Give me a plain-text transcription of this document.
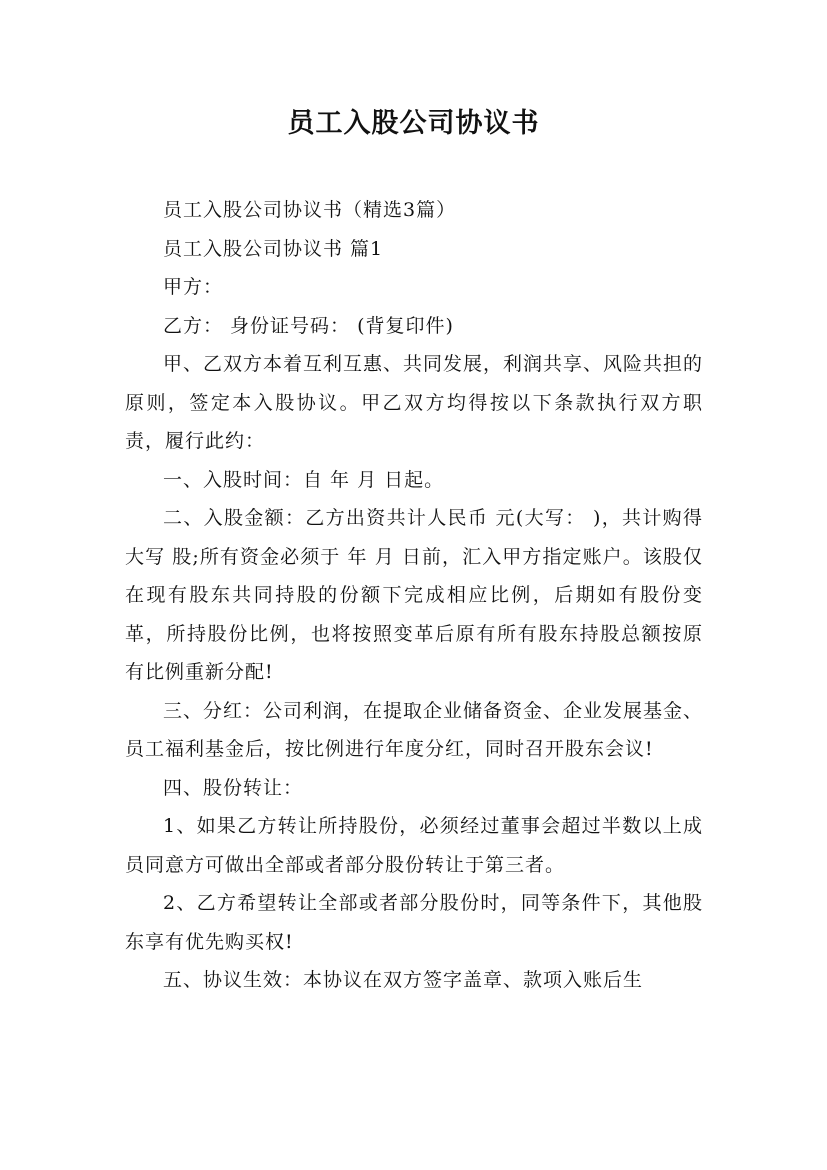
员工入股公司协议书

员工入股公司协议书（精选3篇）

员工入股公司协议书 篇1

甲方：

乙方： 身份证号码： (背复印件)

甲、乙双方本着互利互惠、共同发展，利润共享、风险共担的原则，签定本入股协议。甲乙双方均得按以下条款执行双方职责，履行此约：

一、入股时间：自 年 月 日起。

二、入股金额：乙方出资共计人民币 元(大写： )，共计购得 大写 股;所有资金必须于 年 月 日前，汇入甲方指定账户。该股仅在现有股东共同持股的份额下完成相应比例，后期如有股份变革，所持股份比例，也将按照变革后原有所有股东持股总额按原有比例重新分配!

三、分红：公司利润，在提取企业储备资金、企业发展基金、员工福利基金后，按比例进行年度分红，同时召开股东会议!

四、股份转让：

1、如果乙方转让所持股份，必须经过董事会超过半数以上成员同意方可做出全部或者部分股份转让于第三者。

2、乙方希望转让全部或者部分股份时，同等条件下，其他股东享有优先购买权!

五、协议生效：本协议在双方签字盖章、款项入账后生
